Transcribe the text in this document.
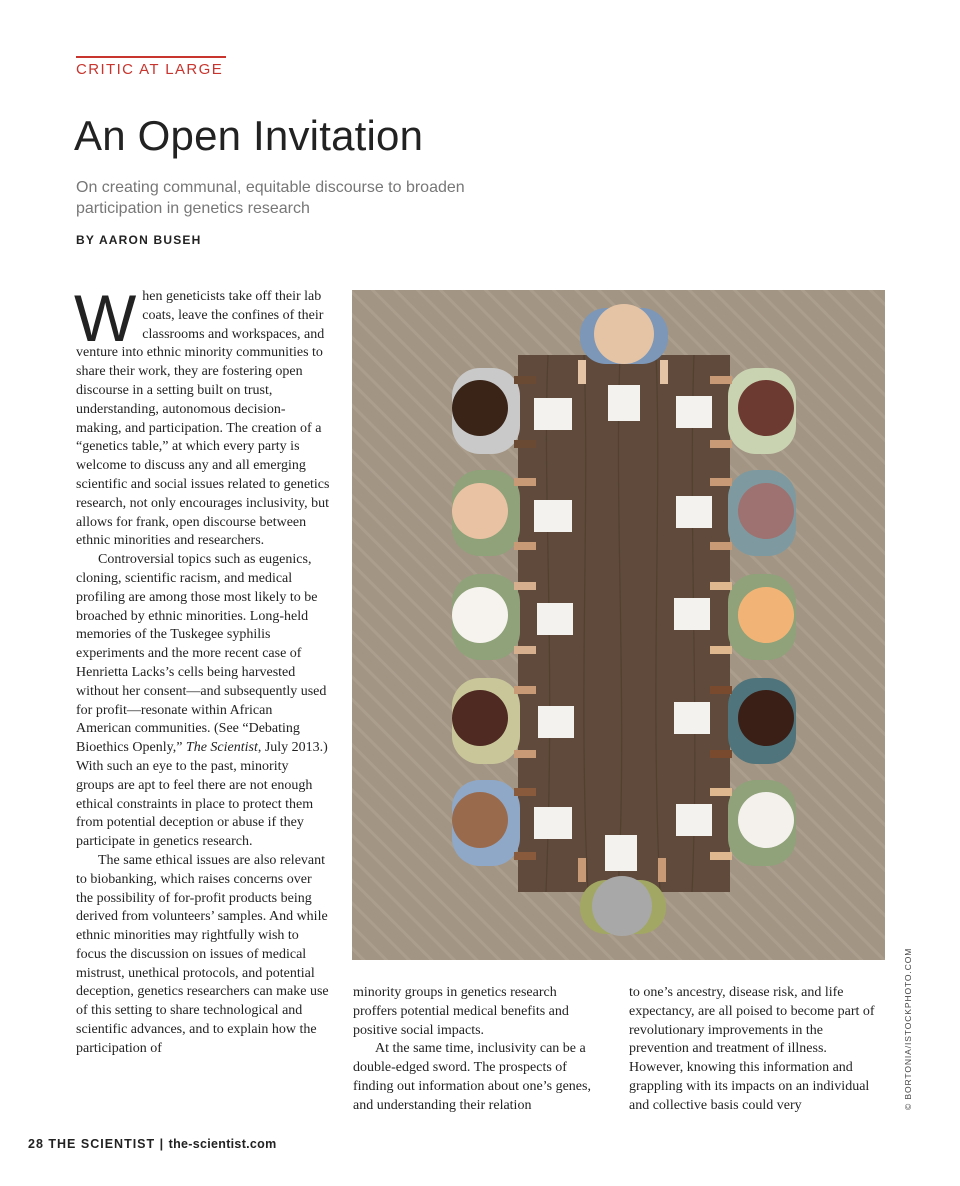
CRITIC AT LARGE
An Open Invitation
On creating communal, equitable discourse to broaden participation in genetics research
BY AARON BUSEH

When geneticists take off their lab coats, leave the confines of their classrooms and workspaces, and venture into ethnic minority communities to share their work, they are fostering open discourse in a setting built on trust, understanding, autonomous decision-making, and participation. The creation of a “genetics table,” at which every party is welcome to discuss any and all emerging scientific and social issues related to genetics research, not only encourages inclusivity, but allows for frank, open discourse between ethnic minorities and researchers.

Controversial topics such as eugenics, cloning, scientific racism, and medical profiling are among those most likely to be broached by ethnic minorities. Long-held memories of the Tuskegee syphilis experiments and the more recent case of Henrietta Lacks’s cells being harvested without her consent—and subsequently used for profit—resonate within African American communities. (See “Debating Bioethics Openly,” The Scientist, July 2013.) With such an eye to the past, minority groups are apt to feel there are not enough ethical constraints in place to protect them from potential deception or abuse if they participate in genetics research.

The same ethical issues are also relevant to biobanking, which raises concerns over the possibility of for-profit products being derived from volunteers’ samples. And while ethnic minorities may rightfully wish to focus the discussion on issues of medical mistrust, unethical protocols, and potential deception, genetics researchers can make use of this setting to share technological and scientific advances, and to explain how the participation of	© BORTONIA/ISTOCKPHOTO.COM

minority groups in genetics research proffers potential medical benefits and positive social impacts.

At the same time, inclusivity can be a double-edged sword. The prospects of finding out information about one’s genes, and understanding their relation

to one’s ancestry, disease risk, and life expectancy, are all poised to become part of revolutionary improvements in the prevention and treatment of illness. However, knowing this information and grappling with its impacts on an individual and collective basis could very

28 THE SCIENTIST | the-scientist.com
